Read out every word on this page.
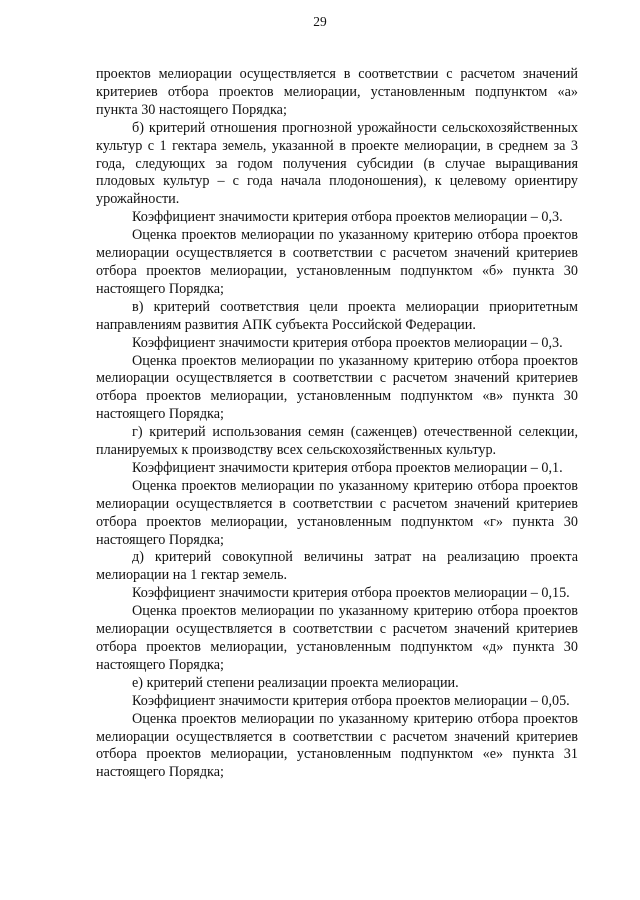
29

проектов мелиорации осуществляется в соответствии с расчетом значений критериев отбора проектов мелиорации, установленным подпунктом «а» пункта 30 настоящего Порядка;

б) критерий отношения прогнозной урожайности сельскохозяйственных культур с 1 гектара земель, указанной в проекте мелиорации, в среднем за 3 года, следующих за годом получения субсидии (в случае выращивания плодовых культур – с года начала плодоношения), к целевому ориентиру урожайности.

Коэффициент значимости критерия отбора проектов мелиорации – 0,3.

Оценка проектов мелиорации по указанному критерию отбора проектов мелиорации осуществляется в соответствии с расчетом значений критериев отбора проектов мелиорации, установленным подпунктом «б» пункта 30 настоящего Порядка;

в) критерий соответствия цели проекта мелиорации приоритетным направлениям развития АПК субъекта Российской Федерации.

Коэффициент значимости критерия отбора проектов мелиорации – 0,3.

Оценка проектов мелиорации по указанному критерию отбора проектов мелиорации осуществляется в соответствии с расчетом значений критериев отбора проектов мелиорации, установленным подпунктом «в» пункта 30 настоящего Порядка;

г) критерий использования семян (саженцев) отечественной селекции, планируемых к производству всех сельскохозяйственных культур.

Коэффициент значимости критерия отбора проектов мелиорации – 0,1.

Оценка проектов мелиорации по указанному критерию отбора проектов мелиорации осуществляется в соответствии с расчетом значений критериев отбора проектов мелиорации, установленным подпунктом «г» пункта 30 настоящего Порядка;

д) критерий совокупной величины затрат на реализацию проекта мелиорации на 1 гектар земель.

Коэффициент значимости критерия отбора проектов мелиорации – 0,15.

Оценка проектов мелиорации по указанному критерию отбора проектов мелиорации осуществляется в соответствии с расчетом значений критериев отбора проектов мелиорации, установленным подпунктом «д» пункта 30 настоящего Порядка;

е) критерий степени реализации проекта мелиорации.

Коэффициент значимости критерия отбора проектов мелиорации – 0,05.

Оценка проектов мелиорации по указанному критерию отбора проектов мелиорации осуществляется в соответствии с расчетом значений критериев отбора проектов мелиорации, установленным подпунктом «е» пункта 31 настоящего Порядка;
